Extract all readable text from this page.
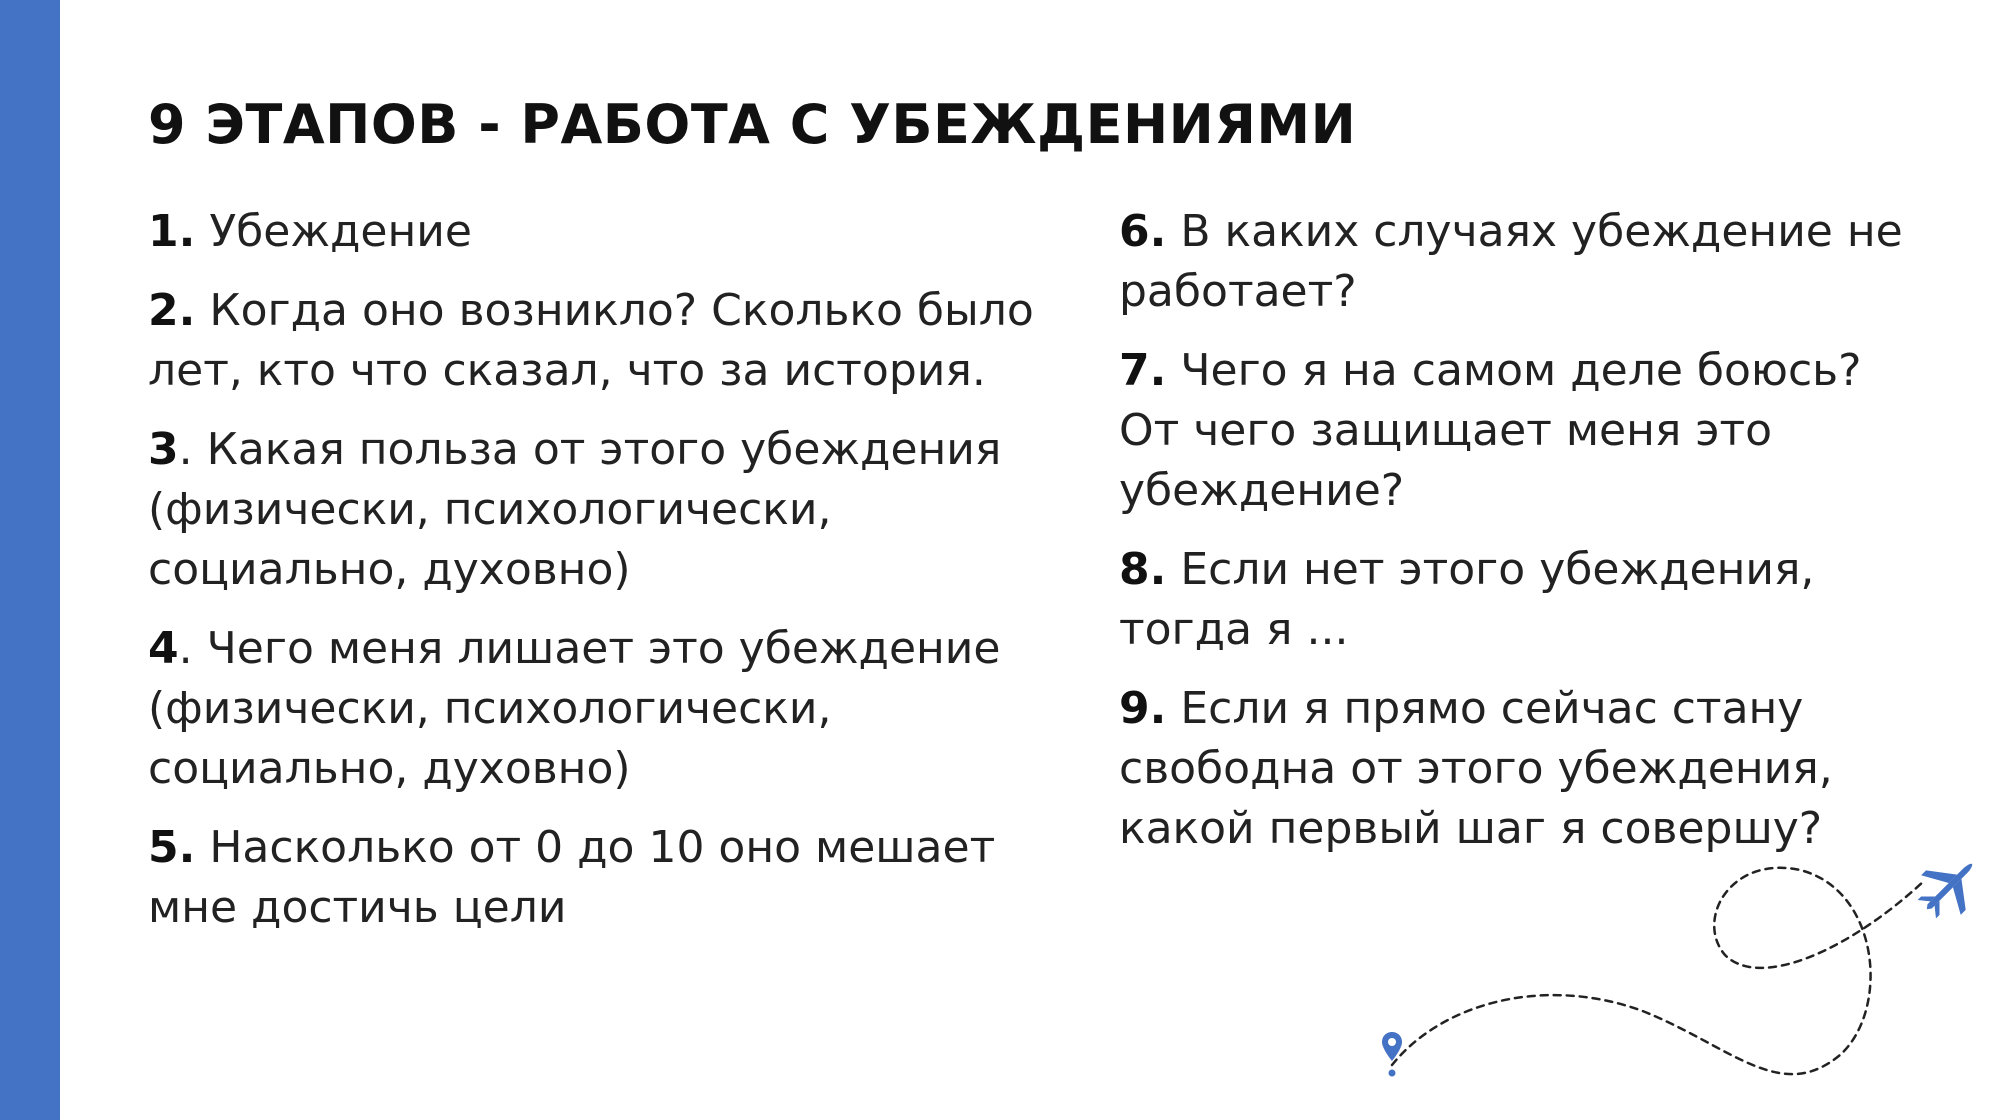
9 ЭТАПОВ - РАБОТА С УБЕЖДЕНИЯМИ

1. Убеждение

2. Когда оно возникло? Сколько было лет, кто что сказал, что за история.

3. Какая польза от этого убеждения (физически, психологически, социально, духовно)

4. Чего меня лишает это убеждение (физически, психологически, социально, духовно)

5. Насколько от 0 до 10 оно мешает мне достичь цели

6. В каких случаях убеждение не работает?

7. Чего я на самом деле боюсь? От чего защищает меня это убеждение?

8. Если нет этого убеждения, тогда я ...

9. Если я прямо сейчас стану свободна от этого убеждения, какой первый шаг я совершу?
